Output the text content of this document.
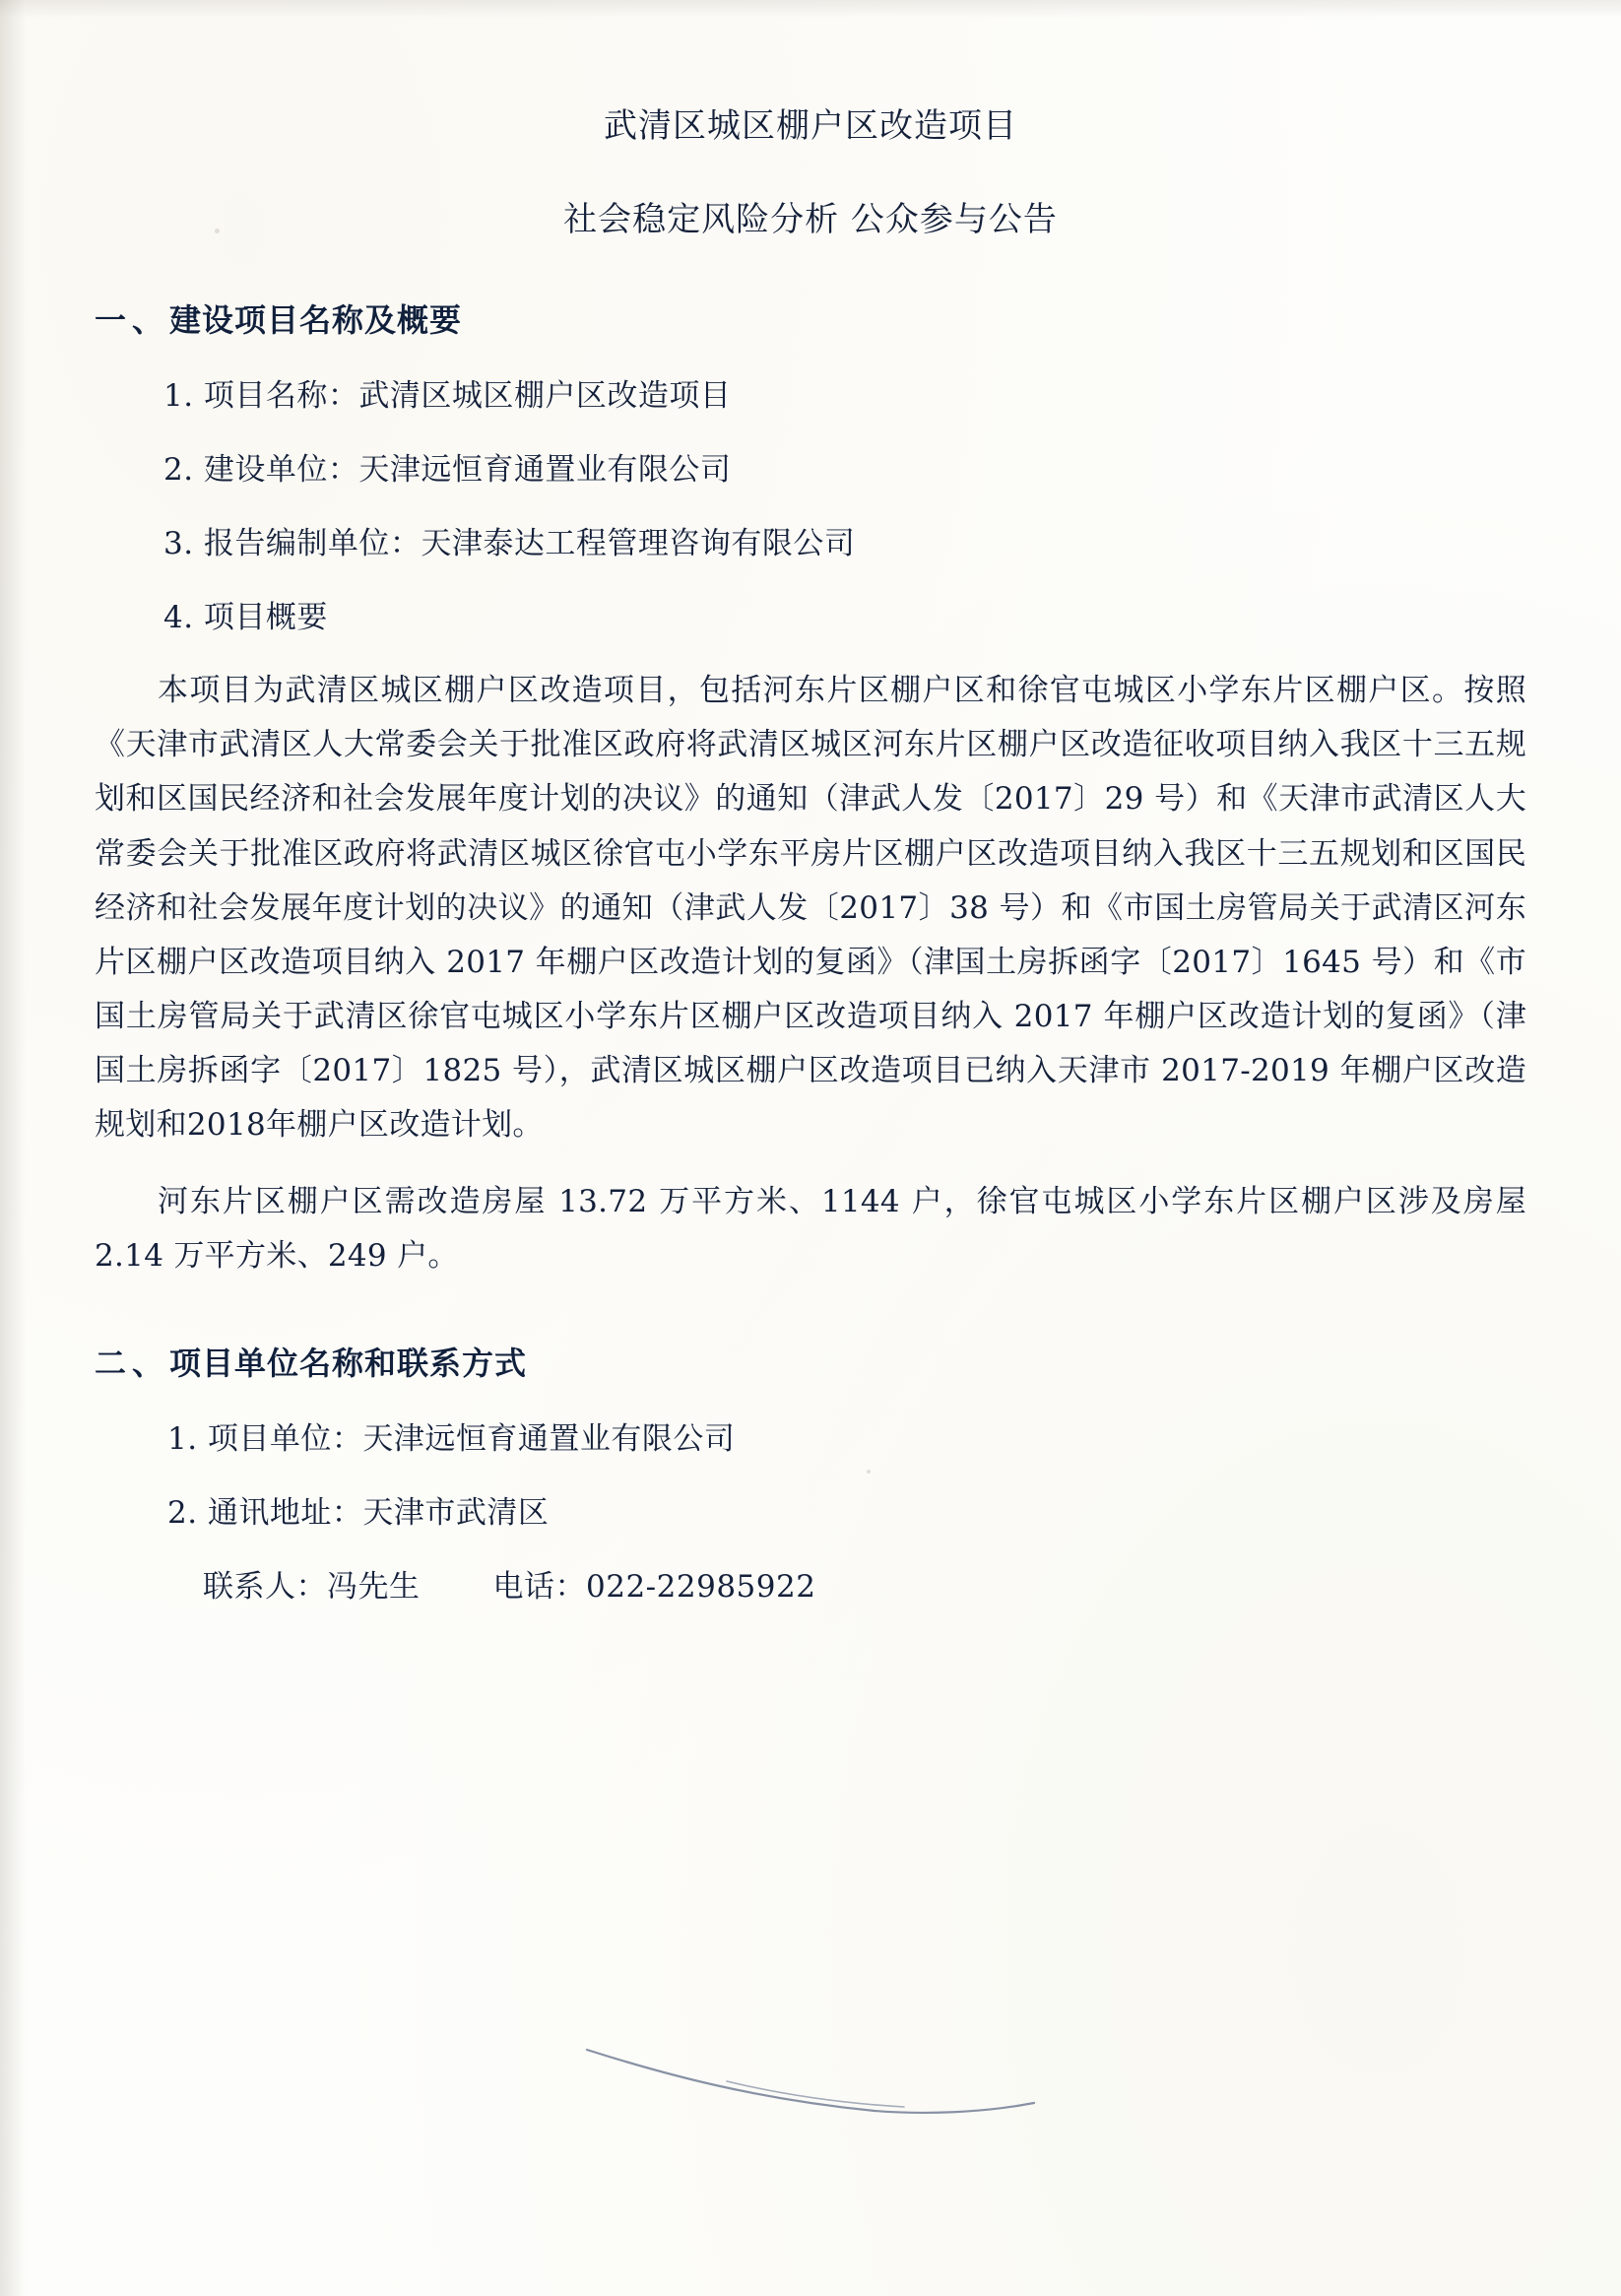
武清区城区棚户区改造项目
社会稳定风险分析 公众参与公告
一、建设项目名称及概要
1. 项目名称：武清区城区棚户区改造项目
2. 建设单位：天津远恒育通置业有限公司
3. 报告编制单位：天津泰达工程管理咨询有限公司
4. 项目概要
本项目为武清区城区棚户区改造项目，包括河东片区棚户区和徐官屯城区小学东片区棚户区。按照《天津市武清区人大常委会关于批准区政府将武清区城区河东片区棚户区改造征收项目纳入我区十三五规划和区国民经济和社会发展年度计划的决议》的通知（津武人发〔2017〕29 号）和《天津市武清区人大常委会关于批准区政府将武清区城区徐官屯小学东平房片区棚户区改造项目纳入我区十三五规划和区国民经济和社会发展年度计划的决议》的通知（津武人发〔2017〕38 号）和《市国土房管局关于武清区河东片区棚户区改造项目纳入 2017 年棚户区改造计划的复函》（津国土房拆函字〔2017〕1645 号）和《市国土房管局关于武清区徐官屯城区小学东片区棚户区改造项目纳入 2017 年棚户区改造计划的复函》（津国土房拆函字〔2017〕1825 号），武清区城区棚户区改造项目已纳入天津市 2017-2019 年棚户区改造规划和2018年棚户区改造计划。
河东片区棚户区需改造房屋 13.72 万平方米、1144 户，徐官屯城区小学东片区棚户区涉及房屋 2.14 万平方米、249 户。
二、项目单位名称和联系方式
1. 项目单位：天津远恒育通置业有限公司
2. 通讯地址：天津市武清区
联系人：冯先生 电话：022-22985922
